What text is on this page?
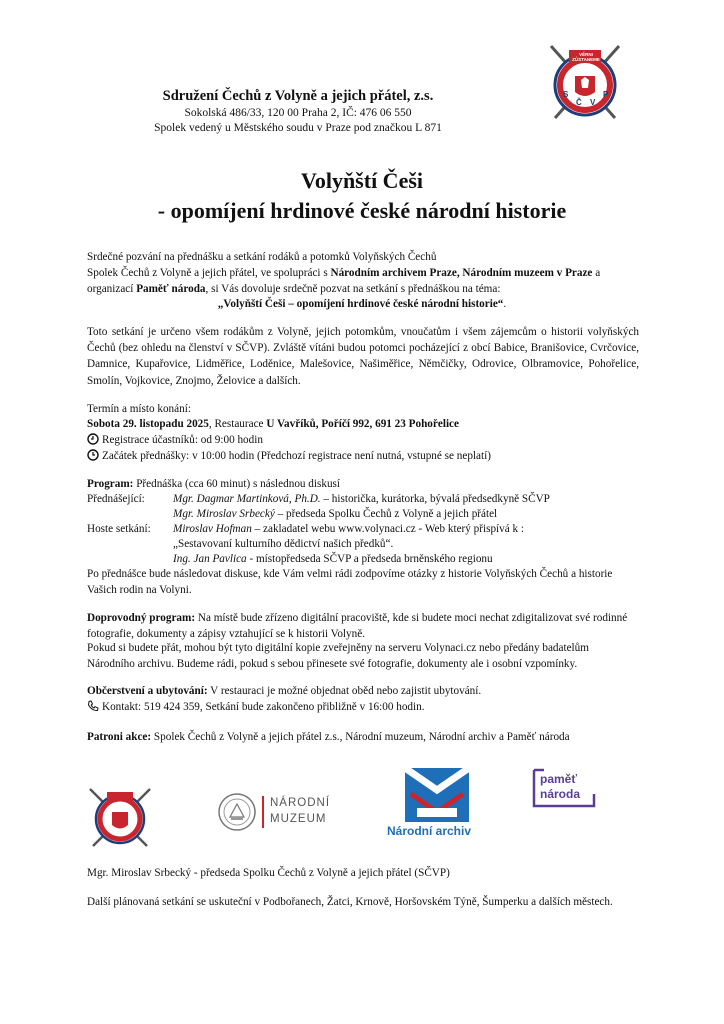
VĚRNI ZŮSTANEME
S
Č V
P
Sdružení Čechů z Volyně a jejich přátel, z.s.
Sokolská 486/33, 120 00 Praha 2, IČ: 476 06 550
Spolek vedený u Městského soudu v Praze pod značkou L 871
Volyňští Češi
- opomíjení hrdinové české národní historie
Srdečné pozvání na přednášku a setkání rodáků a potomků Volyňských Čechů
Spolek Čechů z Volyně a jejich přátel, ve spolupráci s Národním archivem Praze, Národním muzeem v Praze a
organizací Paměť národa, si Vás dovoluje srdečně pozvat na setkání s přednáškou na téma:
„Volyňští Češi – opomíjení hrdinové české národní historie“.
Toto setkání je určeno všem rodákům z Volyně, jejich potomkům, vnoučatům i všem zájemcům o historii volyňských Čechů (bez ohledu na členství v SČVP). Zvláště vítáni budou potomci pocházející z obcí Babice, Branišovice, Cvrčovice, Damnice, Kupařovice, Lidměřice, Loděnice, Malešovice, Našiměřice, Němčičky, Odrovice, Olbramovice, Pohořelice, Smolín, Vojkovice, Znojmo, Želovice a dalších.
Termín a místo konání:
Sobota 29. listopadu 2025, Restaurace U Vavříků, Poříčí 992, 691 23 Pohořelice
Registrace účastníků: od 9:00 hodin
Začátek přednášky: v 10:00 hodin (Předchozí registrace není nutná, vstupné se neplatí)
Program: Přednáška (cca 60 minut) s následnou diskusí
Přednášející:	Mgr. Dagmar Martinková, Ph.D. – historička, kurátorka, bývalá předsedkyně SČVP
Mgr. Miroslav Srbecký – předseda Spolku Čechů z Volyně a jejich přátel
Hoste setkání: Miroslav Hofman – zakladatel webu www.volynaci.cz - Web který přispívá k :
„Sestavovaní kulturního dědictví našich předků“.
Ing. Jan Pavlica - místopředseda SČVP a předseda brněnského regionu
Po přednášce bude následovat diskuse, kde Vám velmi rádi zodpovíme otázky z historie Volyňských Čechů a historie Vašich rodin na Volyni.
Doprovodný program: Na místě bude zřízeno digitální pracoviště, kde si budete moci nechat zdigitalizovat své rodinné fotografie, dokumenty a zápisy vztahující se k historii Volyně.
Pokud si budete přát, mohou být tyto digitální kopie zveřejněny na serveru Volynaci.cz nebo předány badatelům Národního archivu. Budeme rádi, pokud s sebou přinesete své fotografie, dokumenty ale i osobní vzpomínky.
Občerstvení a ubytování: V restauraci je možné objednat oběd nebo zajistit ubytování.
Kontakt: 519 424 359, Setkání bude zakončeno přibližně v 16:00 hodin.
Patroni akce: Spolek Čechů z Volyně a jejich přátel z.s., Národní muzeum, Národní archiv a Paměť národa
NÁRODNÍ
MUZEUM
Národní archiv
paměť
národa
Mgr. Miroslav Srbecký - předseda Spolku Čechů z Volyně a jejich přátel (SČVP)
Další plánovaná setkání se uskuteční v Podbořanech, Žatci, Krnově, Horšovském Týně, Šumperku a dalších městech.
